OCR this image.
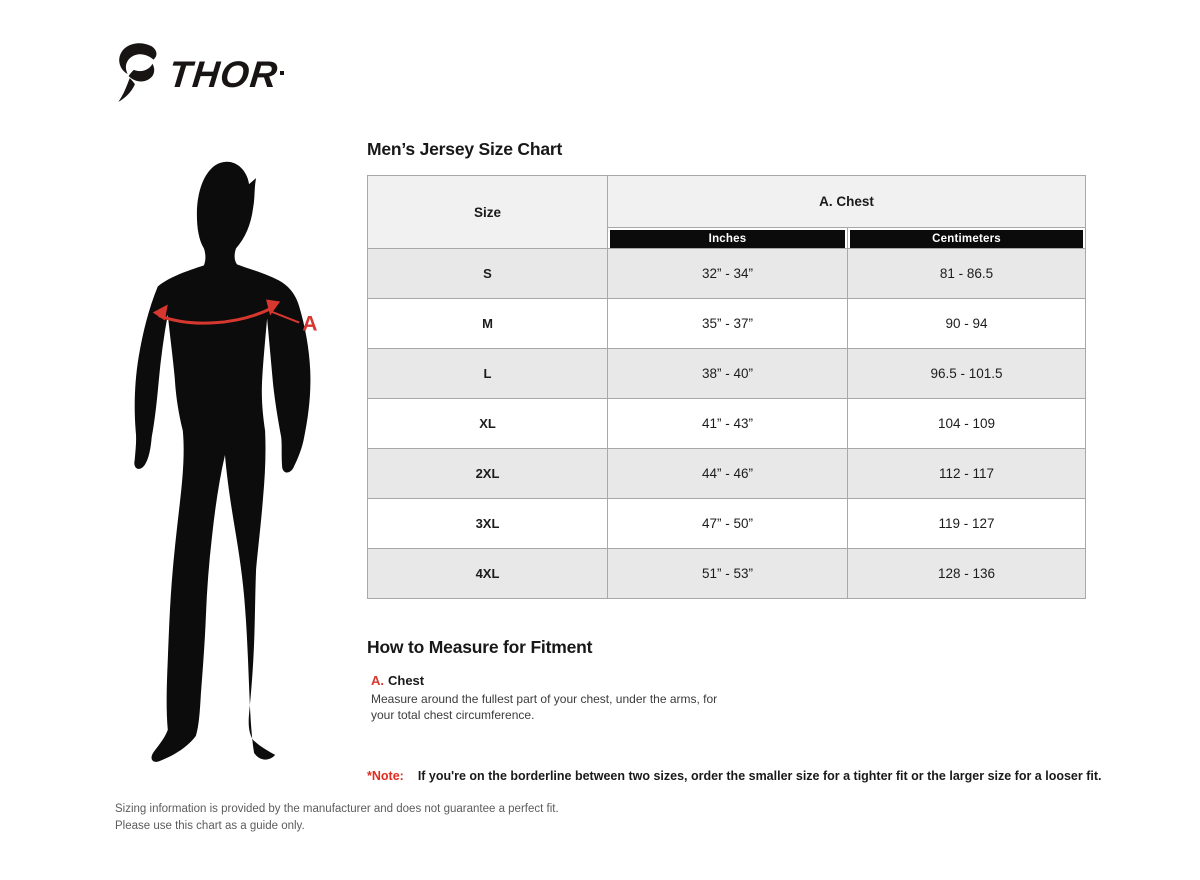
THOR
A
Men’s Jersey Size Chart
Size	A. Chest	

	Inches	Centimeters

S	32” - 34”	81 - 86.5
M	35” - 37”	90 - 94
L	38” - 40”	96.5 - 101.5
XL	41” - 43”	104 - 109
2XL	44” - 46”	112 - 117
3XL	47” - 50”	119 - 127
4XL	51” - 53”	128 - 136
How to Measure for Fitment
A. Chest

Measure around the fullest part of your chest, under the arms, for your total chest circumference.

*Note: If you're on the borderline between two sizes, order the smaller size for a tighter fit or the larger size for a looser fit.
Sizing information is provided by the manufacturer and does not guarantee a perfect fit.
Please use this chart as a guide only.
